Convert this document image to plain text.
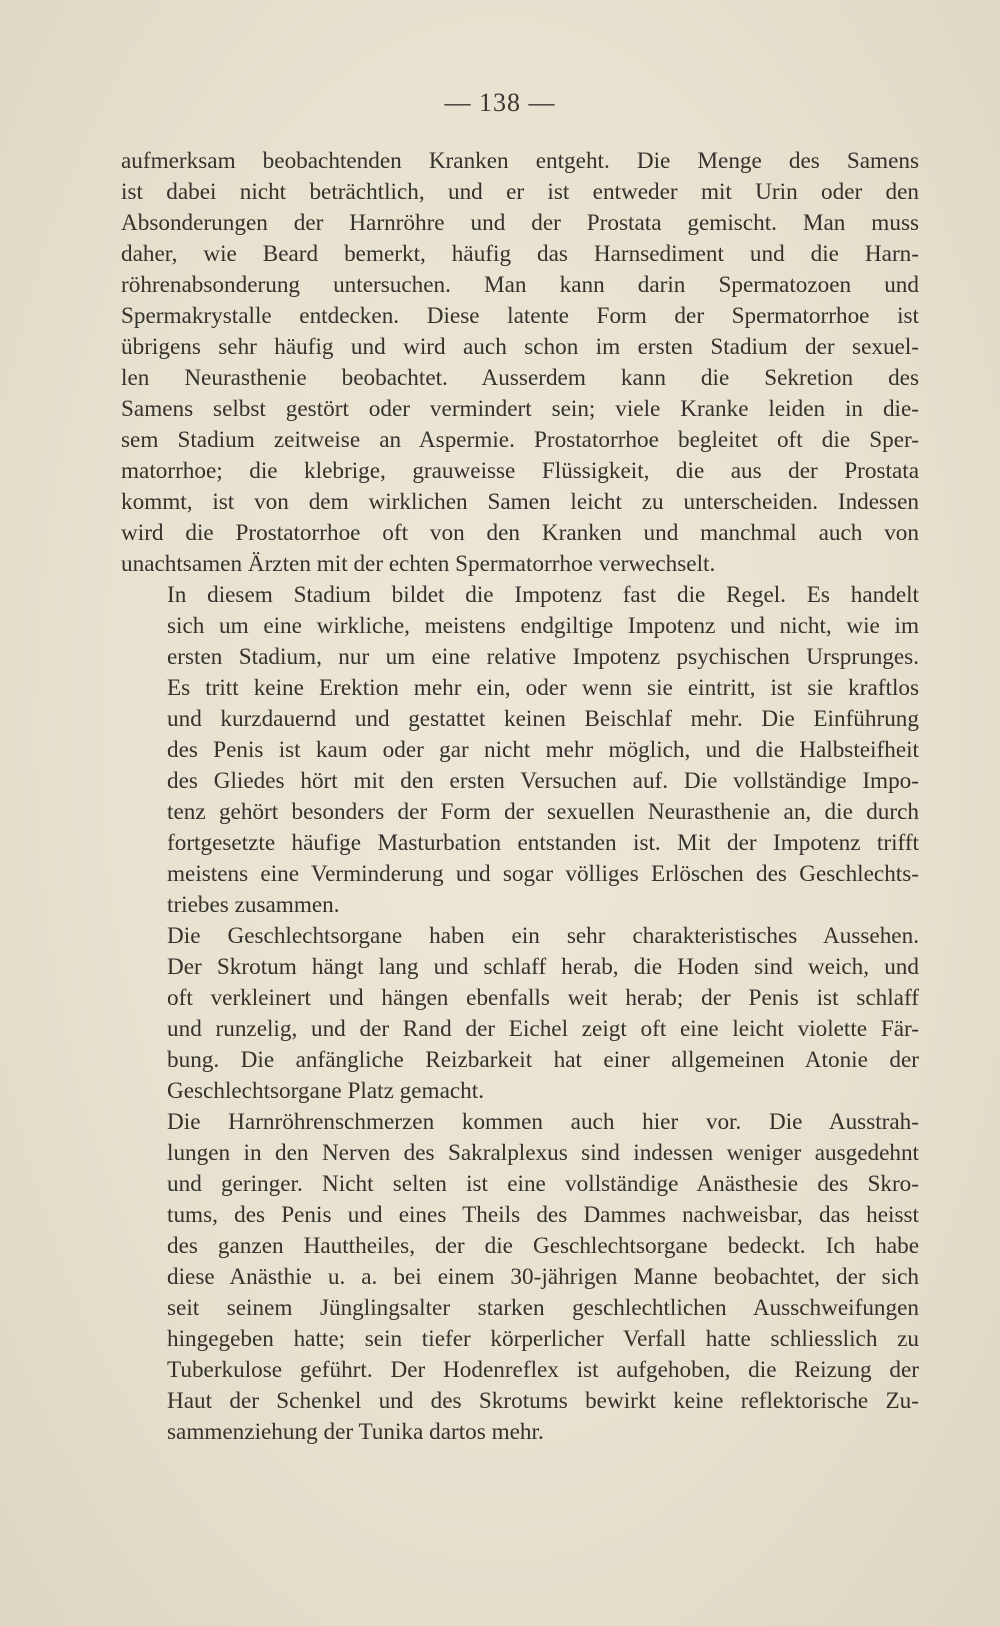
— 138 —

aufmerksam beobachtenden Kranken entgeht. Die Menge des Samens
ist dabei nicht beträchtlich, und er ist entweder mit Urin oder den
Absonderungen der Harnröhre und der Prostata gemischt. Man muss
daher, wie Beard bemerkt, häufig das Harnsediment und die Harn-
röhrenabsonderung untersuchen. Man kann darin Spermatozoen und
Spermakrystalle entdecken. Diese latente Form der Spermatorrhoe ist
übrigens sehr häufig und wird auch schon im ersten Stadium der sexuel-
len Neurasthenie beobachtet. Ausserdem kann die Sekretion des
Samens selbst gestört oder vermindert sein; viele Kranke leiden in die-
sem Stadium zeitweise an Aspermie. Prostatorrhoe begleitet oft die Sper-
matorrhoe; die klebrige, grauweisse Flüssigkeit, die aus der Prostata
kommt, ist von dem wirklichen Samen leicht zu unterscheiden. Indessen
wird die Prostatorrhoe oft von den Kranken und manchmal auch von
unachtsamen Ärzten mit der echten Spermatorrhoe verwechselt.

In diesem Stadium bildet die Impotenz fast die Regel. Es handelt
sich um eine wirkliche, meistens endgiltige Impotenz und nicht, wie im
ersten Stadium, nur um eine relative Impotenz psychischen Ursprunges.
Es tritt keine Erektion mehr ein, oder wenn sie eintritt, ist sie kraftlos
und kurzdauernd und gestattet keinen Beischlaf mehr. Die Einführung
des Penis ist kaum oder gar nicht mehr möglich, und die Halbsteifheit
des Gliedes hört mit den ersten Versuchen auf. Die vollständige Impo-
tenz gehört besonders der Form der sexuellen Neurasthenie an, die durch
fortgesetzte häufige Masturbation entstanden ist. Mit der Impotenz trifft
meistens eine Verminderung und sogar völliges Erlöschen des Geschlechts-
triebes zusammen.

Die Geschlechtsorgane haben ein sehr charakteristisches Aussehen.
Der Skrotum hängt lang und schlaff herab, die Hoden sind weich, und
oft verkleinert und hängen ebenfalls weit herab; der Penis ist schlaff
und runzelig, und der Rand der Eichel zeigt oft eine leicht violette Fär-
bung. Die anfängliche Reizbarkeit hat einer allgemeinen Atonie der
Geschlechtsorgane Platz gemacht.

Die Harnröhrenschmerzen kommen auch hier vor. Die Ausstrah-
lungen in den Nerven des Sakralplexus sind indessen weniger ausgedehnt
und geringer. Nicht selten ist eine vollständige Anästhesie des Skro-
tums, des Penis und eines Theils des Dammes nachweisbar, das heisst
des ganzen Hauttheiles, der die Geschlechtsorgane bedeckt. Ich habe
diese Anästhie u. a. bei einem 30-jährigen Manne beobachtet, der sich
seit seinem Jünglingsalter starken geschlechtlichen Ausschweifungen
hingegeben hatte; sein tiefer körperlicher Verfall hatte schliesslich zu
Tuberkulose geführt. Der Hodenreflex ist aufgehoben, die Reizung der
Haut der Schenkel und des Skrotums bewirkt keine reflektorische Zu-
sammenziehung der Tunika dartos mehr.
